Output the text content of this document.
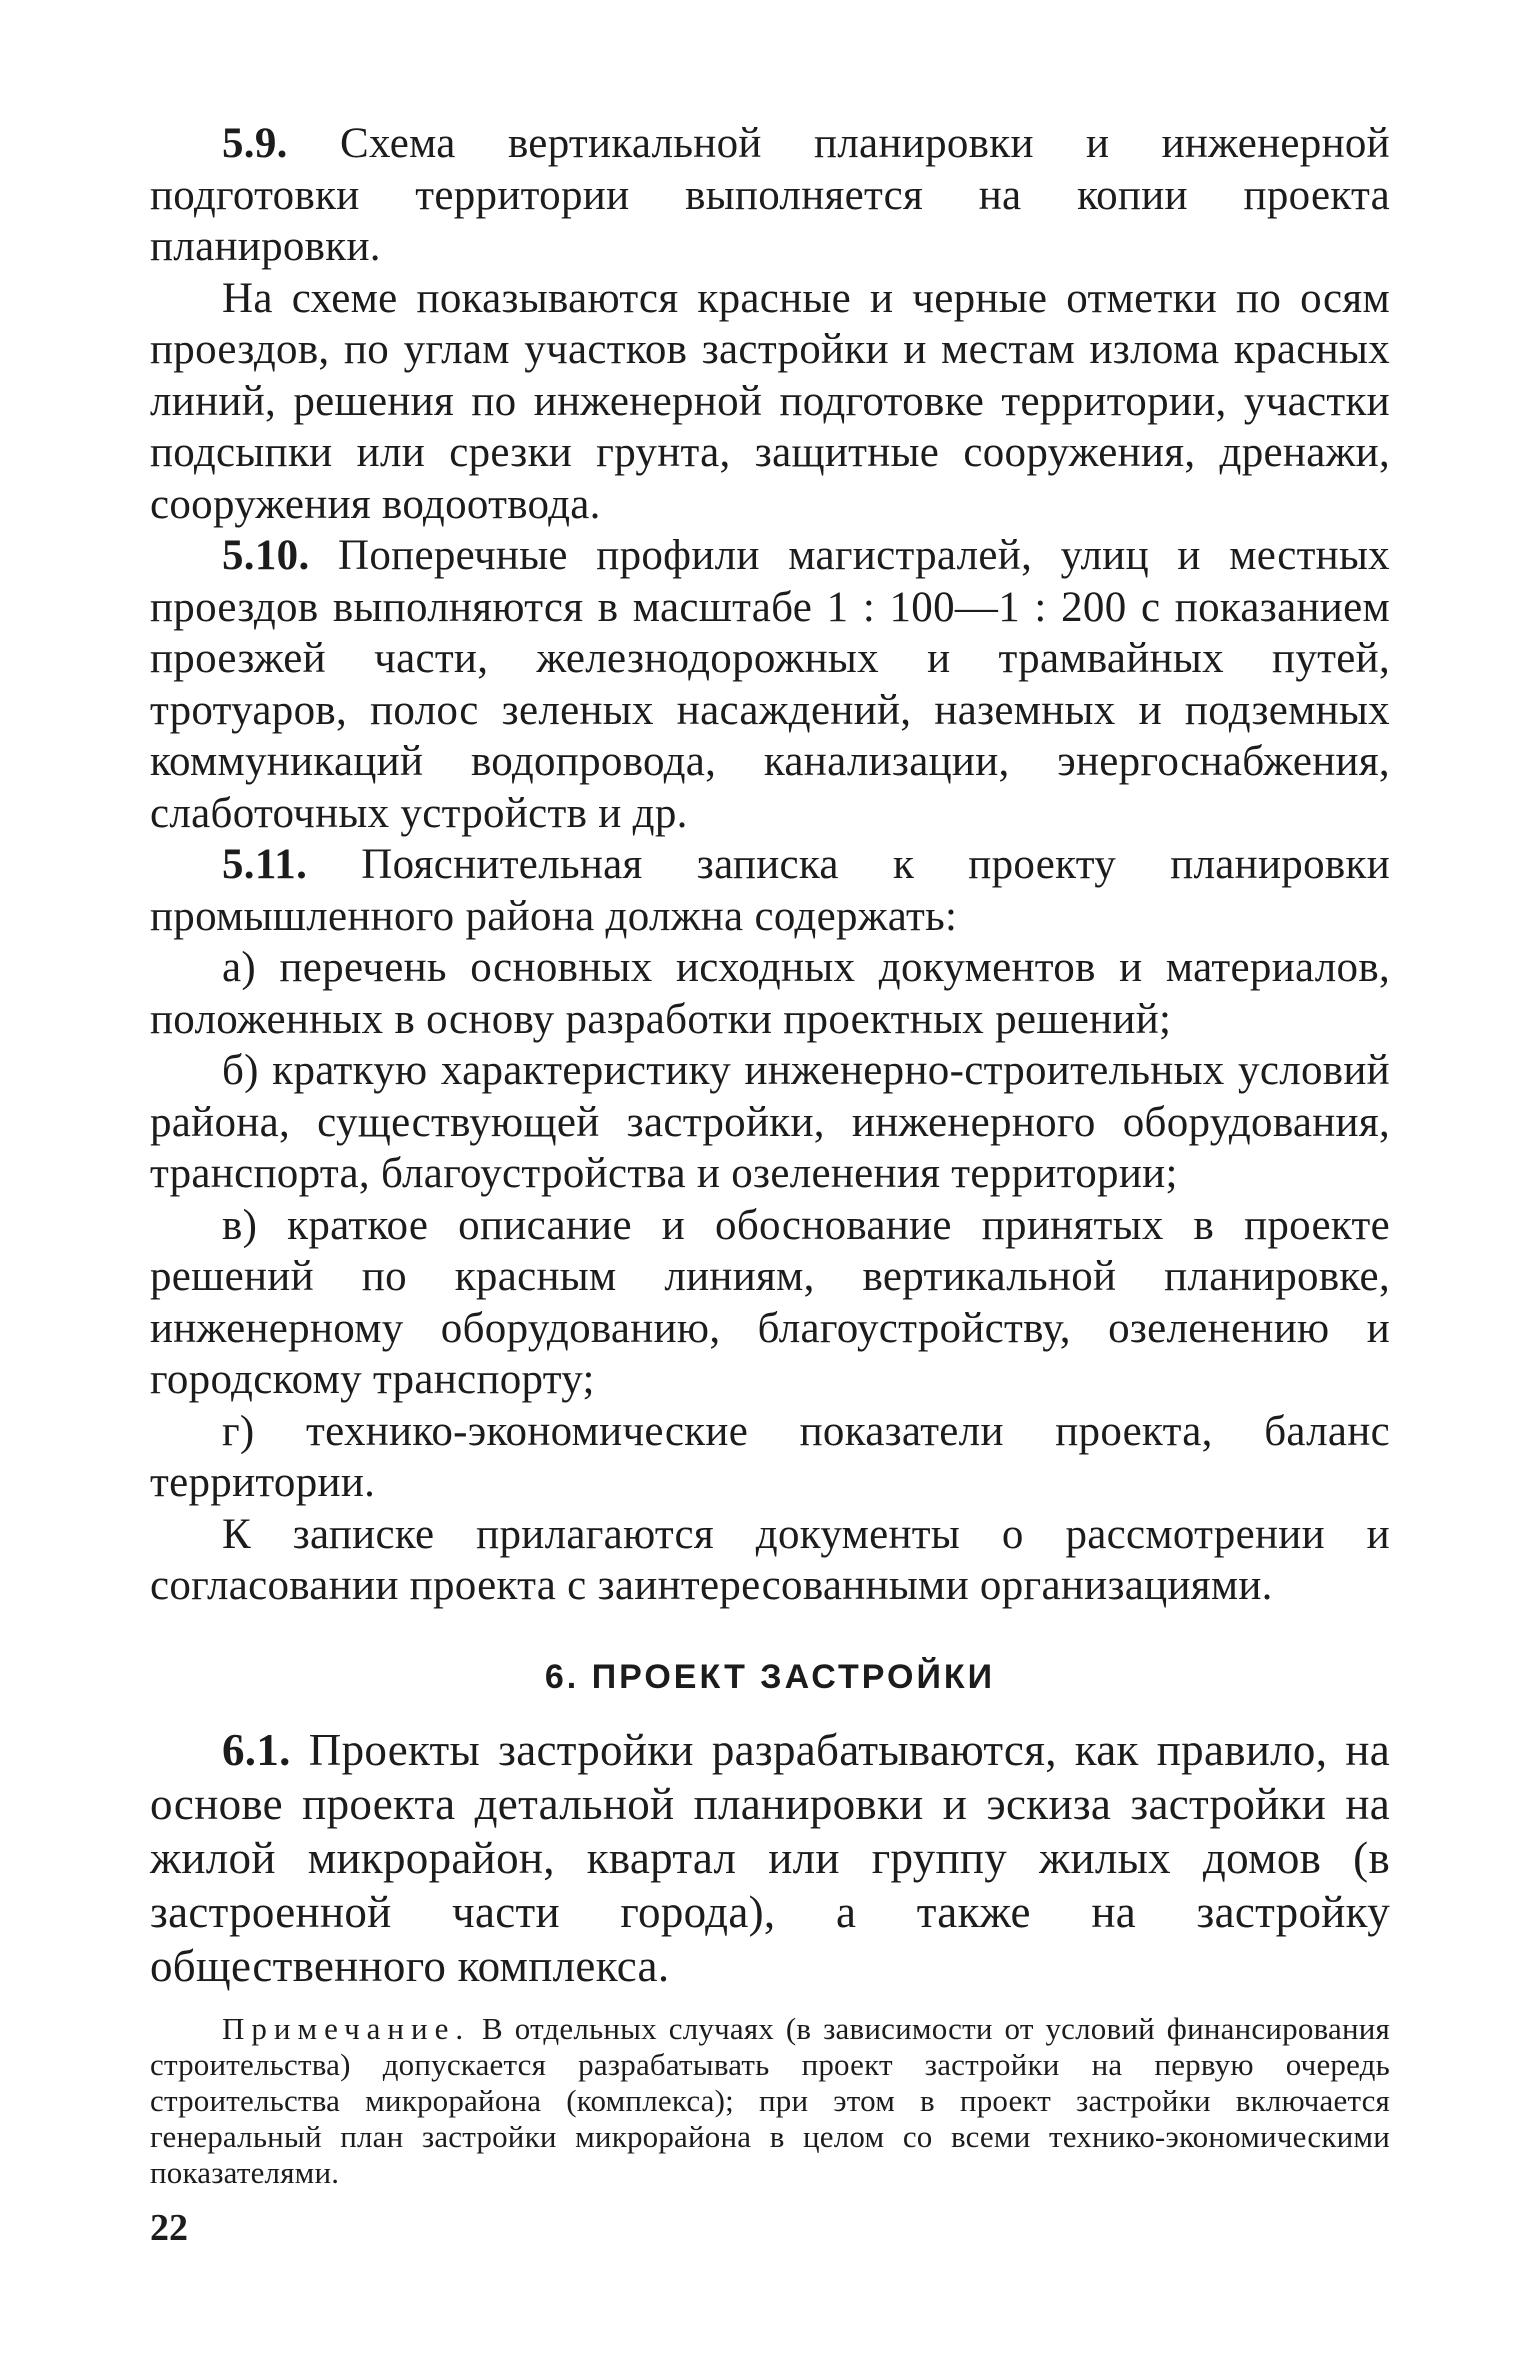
5.9. Схема вертикальной планировки и инженерной подготовки территории выполняется на копии проекта планировки.

На схеме показываются красные и черные отметки по осям проездов, по углам участков застройки и местам излома красных линий, решения по инженерной подготовке территории, участки подсыпки или срезки грунта, защитные сооружения, дренажи, сооружения водоотвода.

5.10. Поперечные профили магистралей, улиц и местных проездов выполняются в масштабе 1 : 100—1 : 200 с показанием проезжей части, железнодорожных и трамвайных путей, тротуаров, полос зеленых насаждений, наземных и подземных коммуникаций водопровода, канализации, энергоснабжения, слаботочных устройств и др.

5.11. Пояснительная записка к проекту планировки промышленного района должна содержать:

а) перечень основных исходных документов и материалов, положенных в основу разработки проектных решений;

б) краткую характеристику инженерно-строительных условий района, существующей застройки, инженерного оборудования, транспорта, благоустройства и озеленения территории;

в) краткое описание и обоснование принятых в проекте решений по красным линиям, вертикальной планировке, инженерному оборудованию, благоустройству, озеленению и городскому транспорту;

г) технико-экономические показатели проекта, баланс территории.

К записке прилагаются документы о рассмотрении и согласовании проекта с заинтересованными организациями.

6. ПРОЕКТ ЗАСТРОЙКИ

6.1. Проекты застройки разрабатываются, как правило, на основе проекта детальной планировки и эскиза застройки на жилой микрорайон, квартал или группу жилых домов (в застроенной части города), а также на застройку общественного комплекса.

Примечание. В отдельных случаях (в зависимости от условий финансирования строительства) допускается разрабатывать проект застройки на первую очередь строительства микрорайона (комплекса); при этом в проект застройки включается генеральный план застройки микрорайона в целом со всеми технико-экономическими показателями.

22
